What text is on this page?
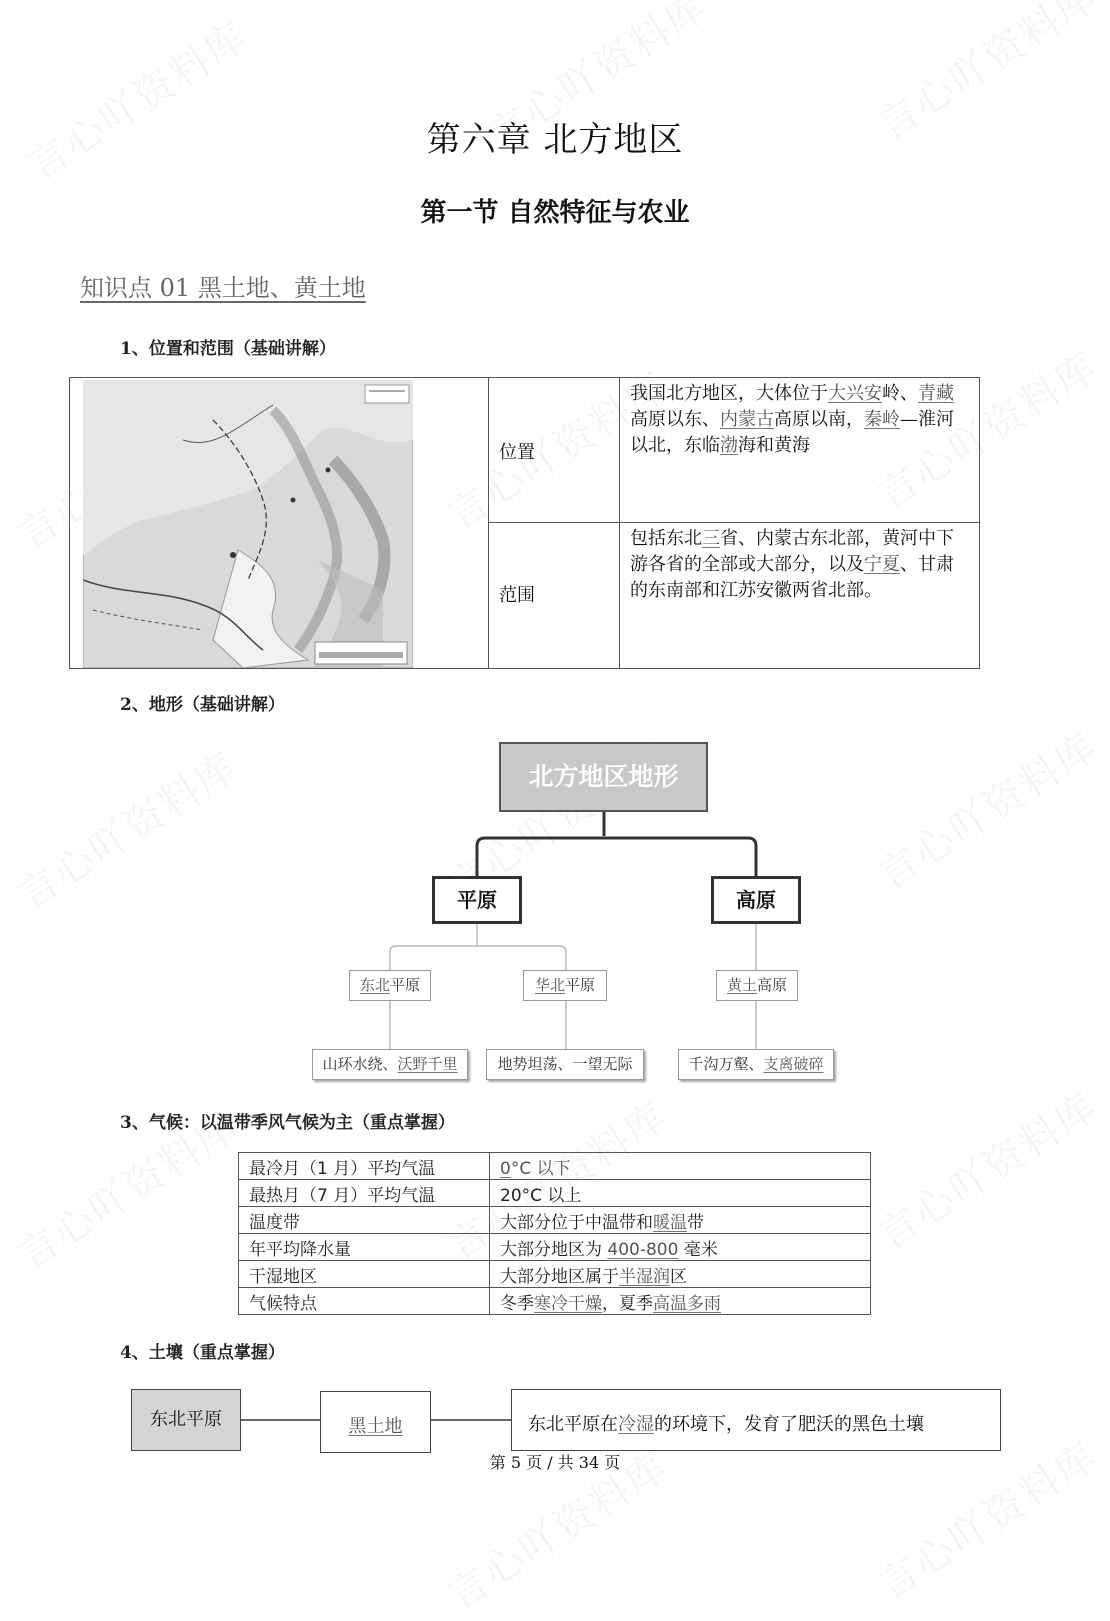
第六章 北方地区
第一节 自然特征与农业
知识点 01 黑土地、黄土地
1、位置和范围（基础讲解）
	位置	我国北方地区，大体位于大兴安岭、青藏高原以东、内蒙古高原以南，秦岭—淮河以北，东临渤海和黄海
	范围	包括东北三省、内蒙古东北部，黄河中下游各省的全部或大部分，以及宁夏、甘肃的东南部和江苏安徽两省北部。
2、地形（基础讲解）
北方地区地形
平原	高原
东北平原	华北平原	黄土高原
山环水绕、沃野千里	地势坦荡、一望无际	千沟万壑、支离破碎
3、气候：以温带季风气候为主（重点掌握）
最冷月（1 月）平均气温	0°C 以下
最热月（7 月）平均气温	20°C 以上
温度带	大部分位于中温带和暖温带
年平均降水量	大部分地区为 400-800 毫米
干湿地区	大部分地区属于半湿润区
气候特点	冬季寒冷干燥，夏季高温多雨
4、土壤（重点掌握）
东北平原	黑土地	东北平原在冷湿的环境下，发育了肥沃的黑色土壤
第 5 页 / 共 34 页
